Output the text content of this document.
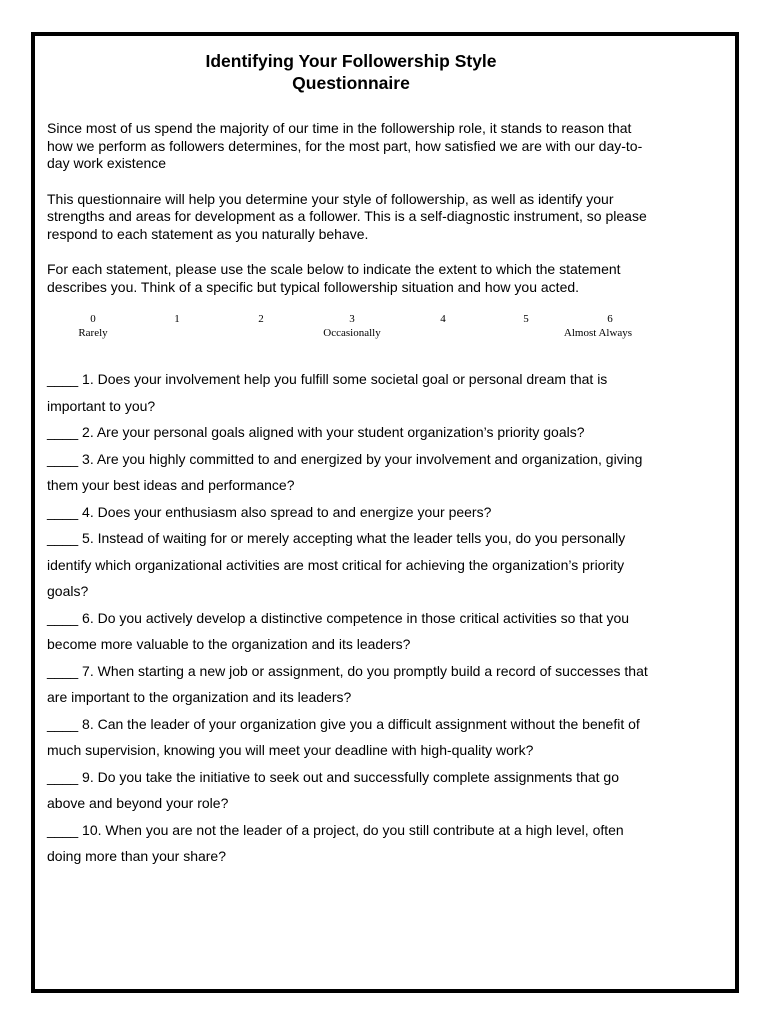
Identifying Your Followership Style
Questionnaire

Since most of us spend the majority of our time in the followership role, it stands to reason that how we perform as followers determines, for the most part, how satisfied we are with our day-to-day work existence

This questionnaire will help you determine your style of followership, as well as identify your strengths and areas for development as a follower. This is a self-diagnostic instrument, so please respond to each statement as you naturally behave.

For each statement, please use the scale below to indicate the extent to which the statement describes you. Think of a specific but typical followership situation and how you acted.

0	1	2	3	4	5	6
Rarely	Occasionally	Almost Always

____ 1. Does your involvement help you fulfill some societal goal or personal dream that is important to you?

____ 2. Are your personal goals aligned with your student organization’s priority goals?

____ 3. Are you highly committed to and energized by your involvement and organization, giving them your best ideas and performance?

____ 4. Does your enthusiasm also spread to and energize your peers?

____ 5. Instead of waiting for or merely accepting what the leader tells you, do you personally identify which organizational activities are most critical for achieving the organization’s priority goals?

____ 6. Do you actively develop a distinctive competence in those critical activities so that you become more valuable to the organization and its leaders?

____ 7. When starting a new job or assignment, do you promptly build a record of successes that are important to the organization and its leaders?

____ 8. Can the leader of your organization give you a difficult assignment without the benefit of much supervision, knowing you will meet your deadline with high-quality work?

____ 9. Do you take the initiative to seek out and successfully complete assignments that go above and beyond your role?

____ 10. When you are not the leader of a project, do you still contribute at a high level, often doing more than your share?
